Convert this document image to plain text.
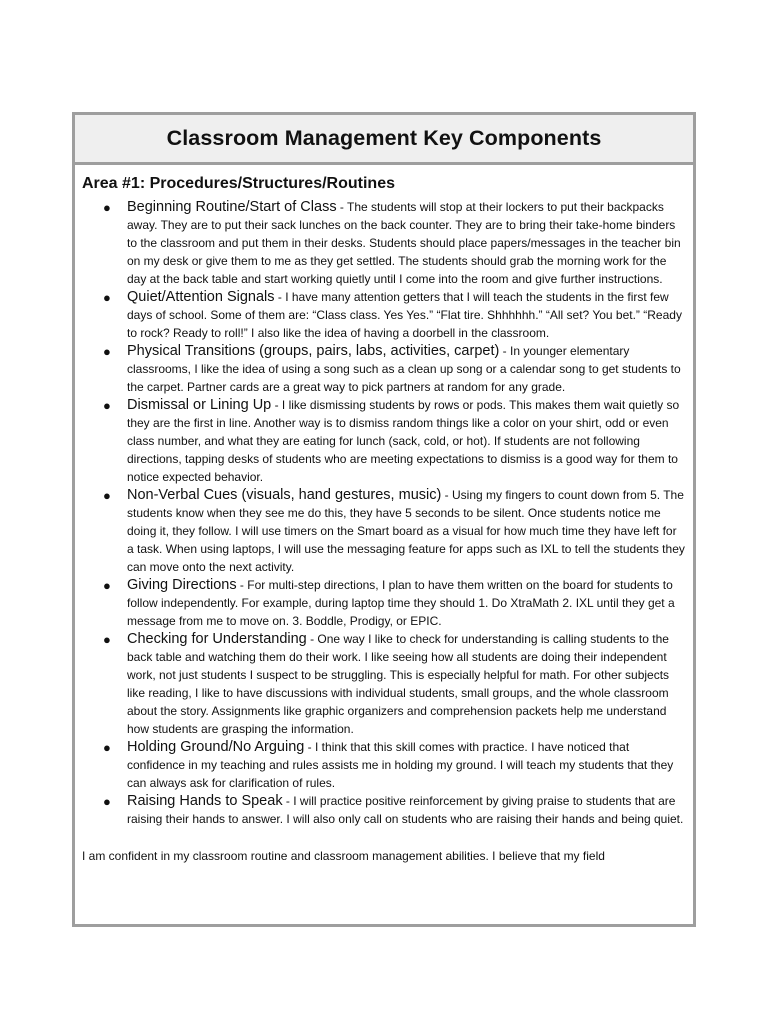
Classroom Management Key Components
Area #1: Procedures/Structures/Routines
● Beginning Routine/Start of Class - The students will stop at their lockers to put their backpacks away. They are to put their sack lunches on the back counter. They are to bring their take-home binders to the classroom and put them in their desks. Students should place papers/messages in the teacher bin on my desk or give them to me as they get settled. The students should grab the morning work for the day at the back table and start working quietly until I come into the room and give further instructions.
● Quiet/Attention Signals - I have many attention getters that I will teach the students in the first few days of school. Some of them are: “Class class. Yes Yes.” “Flat tire. Shhhhhh.” “All set? You bet.” “Ready to rock? Ready to roll!” I also like the idea of having a doorbell in the classroom.
● Physical Transitions (groups, pairs, labs, activities, carpet) - In younger elementary classrooms, I like the idea of using a song such as a clean up song or a calendar song to get students to the carpet. Partner cards are a great way to pick partners at random for any grade.
● Dismissal or Lining Up - I like dismissing students by rows or pods. This makes them wait quietly so they are the first in line. Another way is to dismiss random things like a color on your shirt, odd or even class number, and what they are eating for lunch (sack, cold, or hot). If students are not following directions, tapping desks of students who are meeting expectations to dismiss is a good way for them to notice expected behavior.
● Non-Verbal Cues (visuals, hand gestures, music) - Using my fingers to count down from 5. The students know when they see me do this, they have 5 seconds to be silent. Once students notice me doing it, they follow. I will use timers on the Smart board as a visual for how much time they have left for a task. When using laptops, I will use the messaging feature for apps such as IXL to tell the students they can move onto the next activity.
● Giving Directions - For multi-step directions, I plan to have them written on the board for students to follow independently. For example, during laptop time they should 1. Do XtraMath 2. IXL until they get a message from me to move on. 3. Boddle, Prodigy, or EPIC.
● Checking for Understanding - One way I like to check for understanding is calling students to the back table and watching them do their work. I like seeing how all students are doing their independent work, not just students I suspect to be struggling. This is especially helpful for math. For other subjects like reading, I like to have discussions with individual students, small groups, and the whole classroom about the story. Assignments like graphic organizers and comprehension packets help me understand how students are grasping the information.
● Holding Ground/No Arguing - I think that this skill comes with practice. I have noticed that confidence in my teaching and rules assists me in holding my ground. I will teach my students that they can always ask for clarification of rules.
● Raising Hands to Speak - I will practice positive reinforcement by giving praise to students that are raising their hands to answer. I will also only call on students who are raising their hands and being quiet.
I am confident in my classroom routine and classroom management abilities. I believe that my field
